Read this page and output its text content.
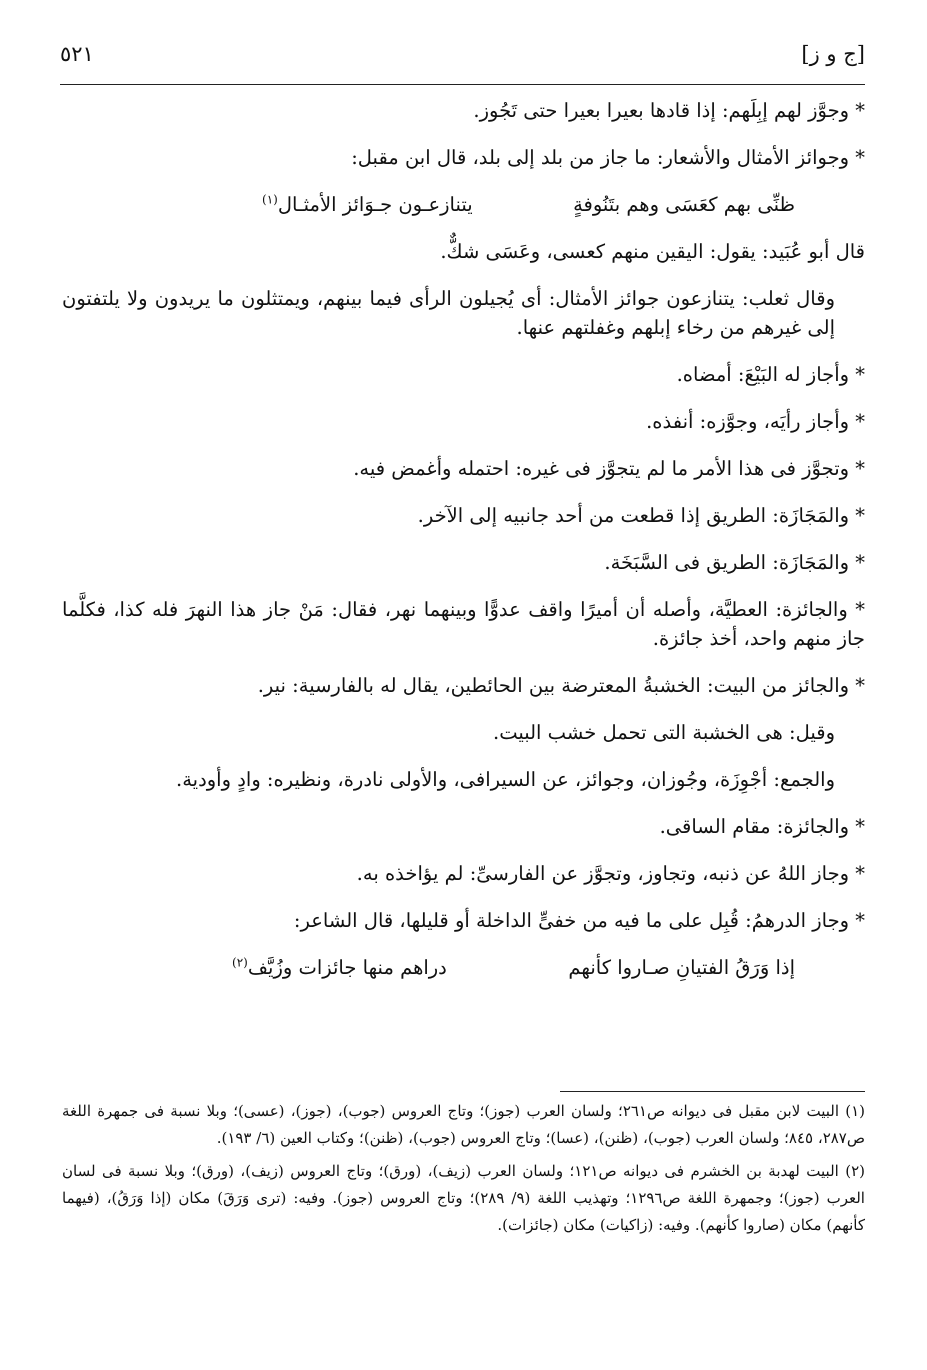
[ج و ز]
٥٢١

* وجوَّز لهم إبِلَهم: إذا قادها بعيرا بعيرا حتى تَجُوز.

* وجوائز الأمثال والأشعار: ما جاز من بلد إلى بلد، قال ابن مقبل:

ظنِّى بهم كعَسَى وهم بتَنُوفةٍ
يتنازعـون جـوَائز الأمثـال$^{(١)}$

قال أبو عُبَيد: يقول: اليقين منهم كعسى، وعَسَى شكٌّ.

وقال ثعلب: يتنازعون جوائز الأمثال: أى يُجيلون الرأى فيما بينهم، ويمتثلون ما يريدون ولا يلتفتون إلى غيرهم من رخاء إبلهم وغفلتهم عنها.

* وأجاز له البَيْعَ: أمضاه.

* وأجاز رأيَه، وجوَّزه: أنفذه.

* وتجوَّز فى هذا الأمر ما لم يتجوَّز فى غيره: احتمله وأغمض فيه.

* والمَجَازَة: الطريق إذا قطعت من أحد جانبيه إلى الآخر.

* والمَجَازَة: الطريق فى السَّبَخَة.

* والجائزة: العطيَّة، وأصله أن أميرًا واقف عدوًّا وبينهما نهر، فقال: مَنْ جاز هذا النهرَ فله كذا، فكلَّما جاز منهم واحد، أخذ جائزة.

* والجائز من البيت: الخشبةُ المعترضة بين الحائطين، يقال له بالفارسية: نير.

وقيل: هى الخشبة التى تحمل خشب البيت.

والجمع: أجْوِزَة، وجُوزان، وجوائز، عن السيرافى، والأولى نادرة، ونظيره: وادٍ وأودية.

* والجائزة: مقام الساقى.

* وجاز اللهُ عن ذنبه، وتجاوز، وتجوَّز عن الفارسىِّ: لم يؤاخذه به.

* وجاز الدرهمُ: قُبِل على ما فيه من خفىٍّ الداخلة أو قليلها، قال الشاعر:

إذا وَرَقُ الفتيانِ صـاروا كأنهم
دراهم منها جائزات وزُيَّف$^{(٢)}$

(١) البيت لابن مقبل فى ديوانه ص٢٦١؛ ولسان العرب (جوز)؛ وتاج العروس (جوب)، (جوز)، (عسى)؛ وبلا نسبة فى جمهرة اللغة ص٢٨٧، ٨٤٥؛ ولسان العرب (جوب)، (ظنن)، (عسا)؛ وتاج العروس (جوب)، (ظنن)؛ وكتاب العين (٦/ ١٩٣).

(٢) البيت لهدبة بن الخشرم فى ديوانه ص١٢١؛ ولسان العرب (زيف)، (ورق)؛ وتاج العروس (زيف)، (ورق)؛ وبلا نسبة فى لسان العرب (جوز)؛ وجمهرة اللغة ص١٢٩٦؛ وتهذيب اللغة (٩/ ٢٨٩)؛ وتاج العروس (جوز). وفيه: (ترى وَرَقَ) مكان (إذا وَرَقُ)، (فيهما كأنهم) مكان (صاروا كأنهم). وفيه: (زاكيات) مكان (جائزات).
